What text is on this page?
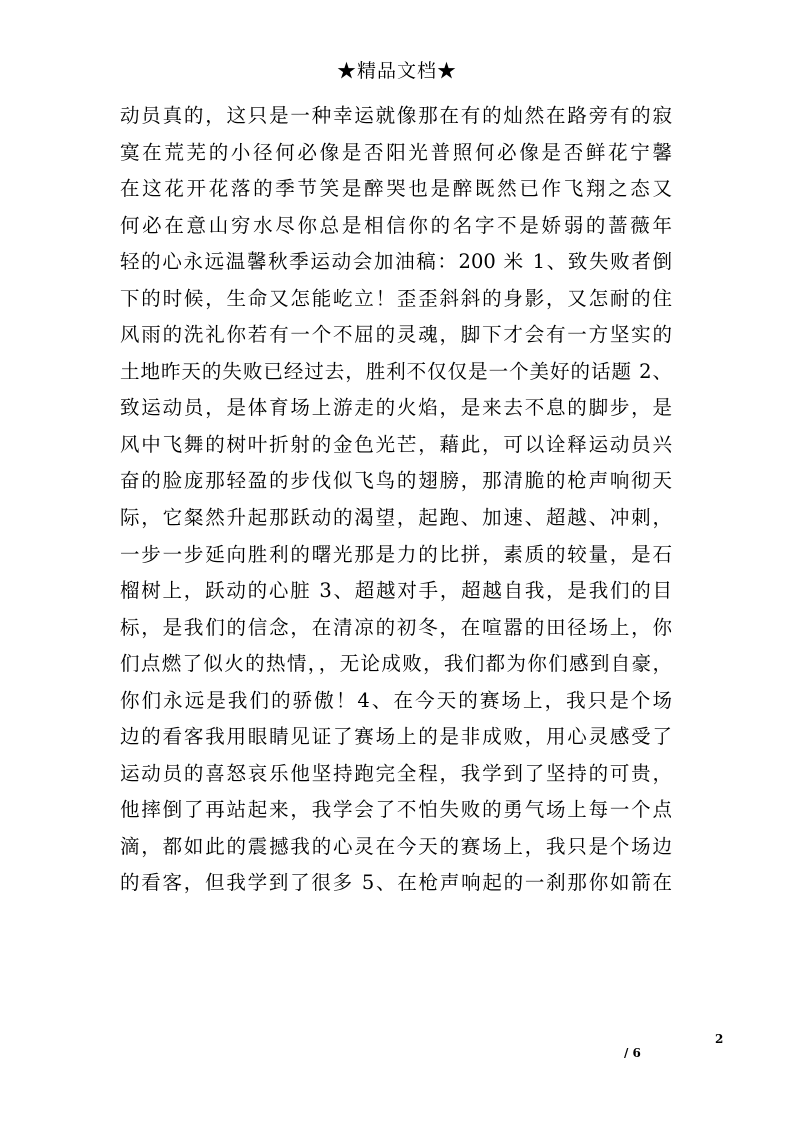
★精品文档★
动员真的，这只是一种幸运就像那在有的灿然在路旁有的寂
寞在荒芜的小径何必像是否阳光普照何必像是否鲜花宁馨
在这花开花落的季节笑是醉哭也是醉既然已作飞翔之态又
何必在意山穷水尽你总是相信你的名字不是娇弱的蔷薇年
轻的心永远温馨秋季运动会加油稿：200 米 1、致失败者倒
下的时候，生命又怎能屹立！歪歪斜斜的身影，又怎耐的住
风雨的洗礼你若有一个不屈的灵魂，脚下才会有一方坚实的
土地昨天的失败已经过去，胜利不仅仅是一个美好的话题 2、
致运动员，是体育场上游走的火焰，是来去不息的脚步，是
风中飞舞的树叶折射的金色光芒，藉此，可以诠释运动员兴
奋的脸庞那轻盈的步伐似飞鸟的翅膀，那清脆的枪声响彻天
际，它粲然升起那跃动的渴望，起跑、加速、超越、冲刺，
一步一步延向胜利的曙光那是力的比拼，素质的较量，是石
榴树上，跃动的心脏 3、超越对手，超越自我，是我们的目
标，是我们的信念，在清凉的初冬，在喧嚣的田径场上，你
们点燃了似火的热情，，无论成败，我们都为你们感到自豪，
你们永远是我们的骄傲！4、在今天的赛场上，我只是个场
边的看客我用眼睛见证了赛场上的是非成败，用心灵感受了
运动员的喜怒哀乐他坚持跑完全程，我学到了坚持的可贵，
他摔倒了再站起来，我学会了不怕失败的勇气场上每一个点
滴，都如此的震撼我的心灵在今天的赛场上，我只是个场边
的看客，但我学到了很多 5、在枪声响起的一刹那你如箭在
2
/ 6
